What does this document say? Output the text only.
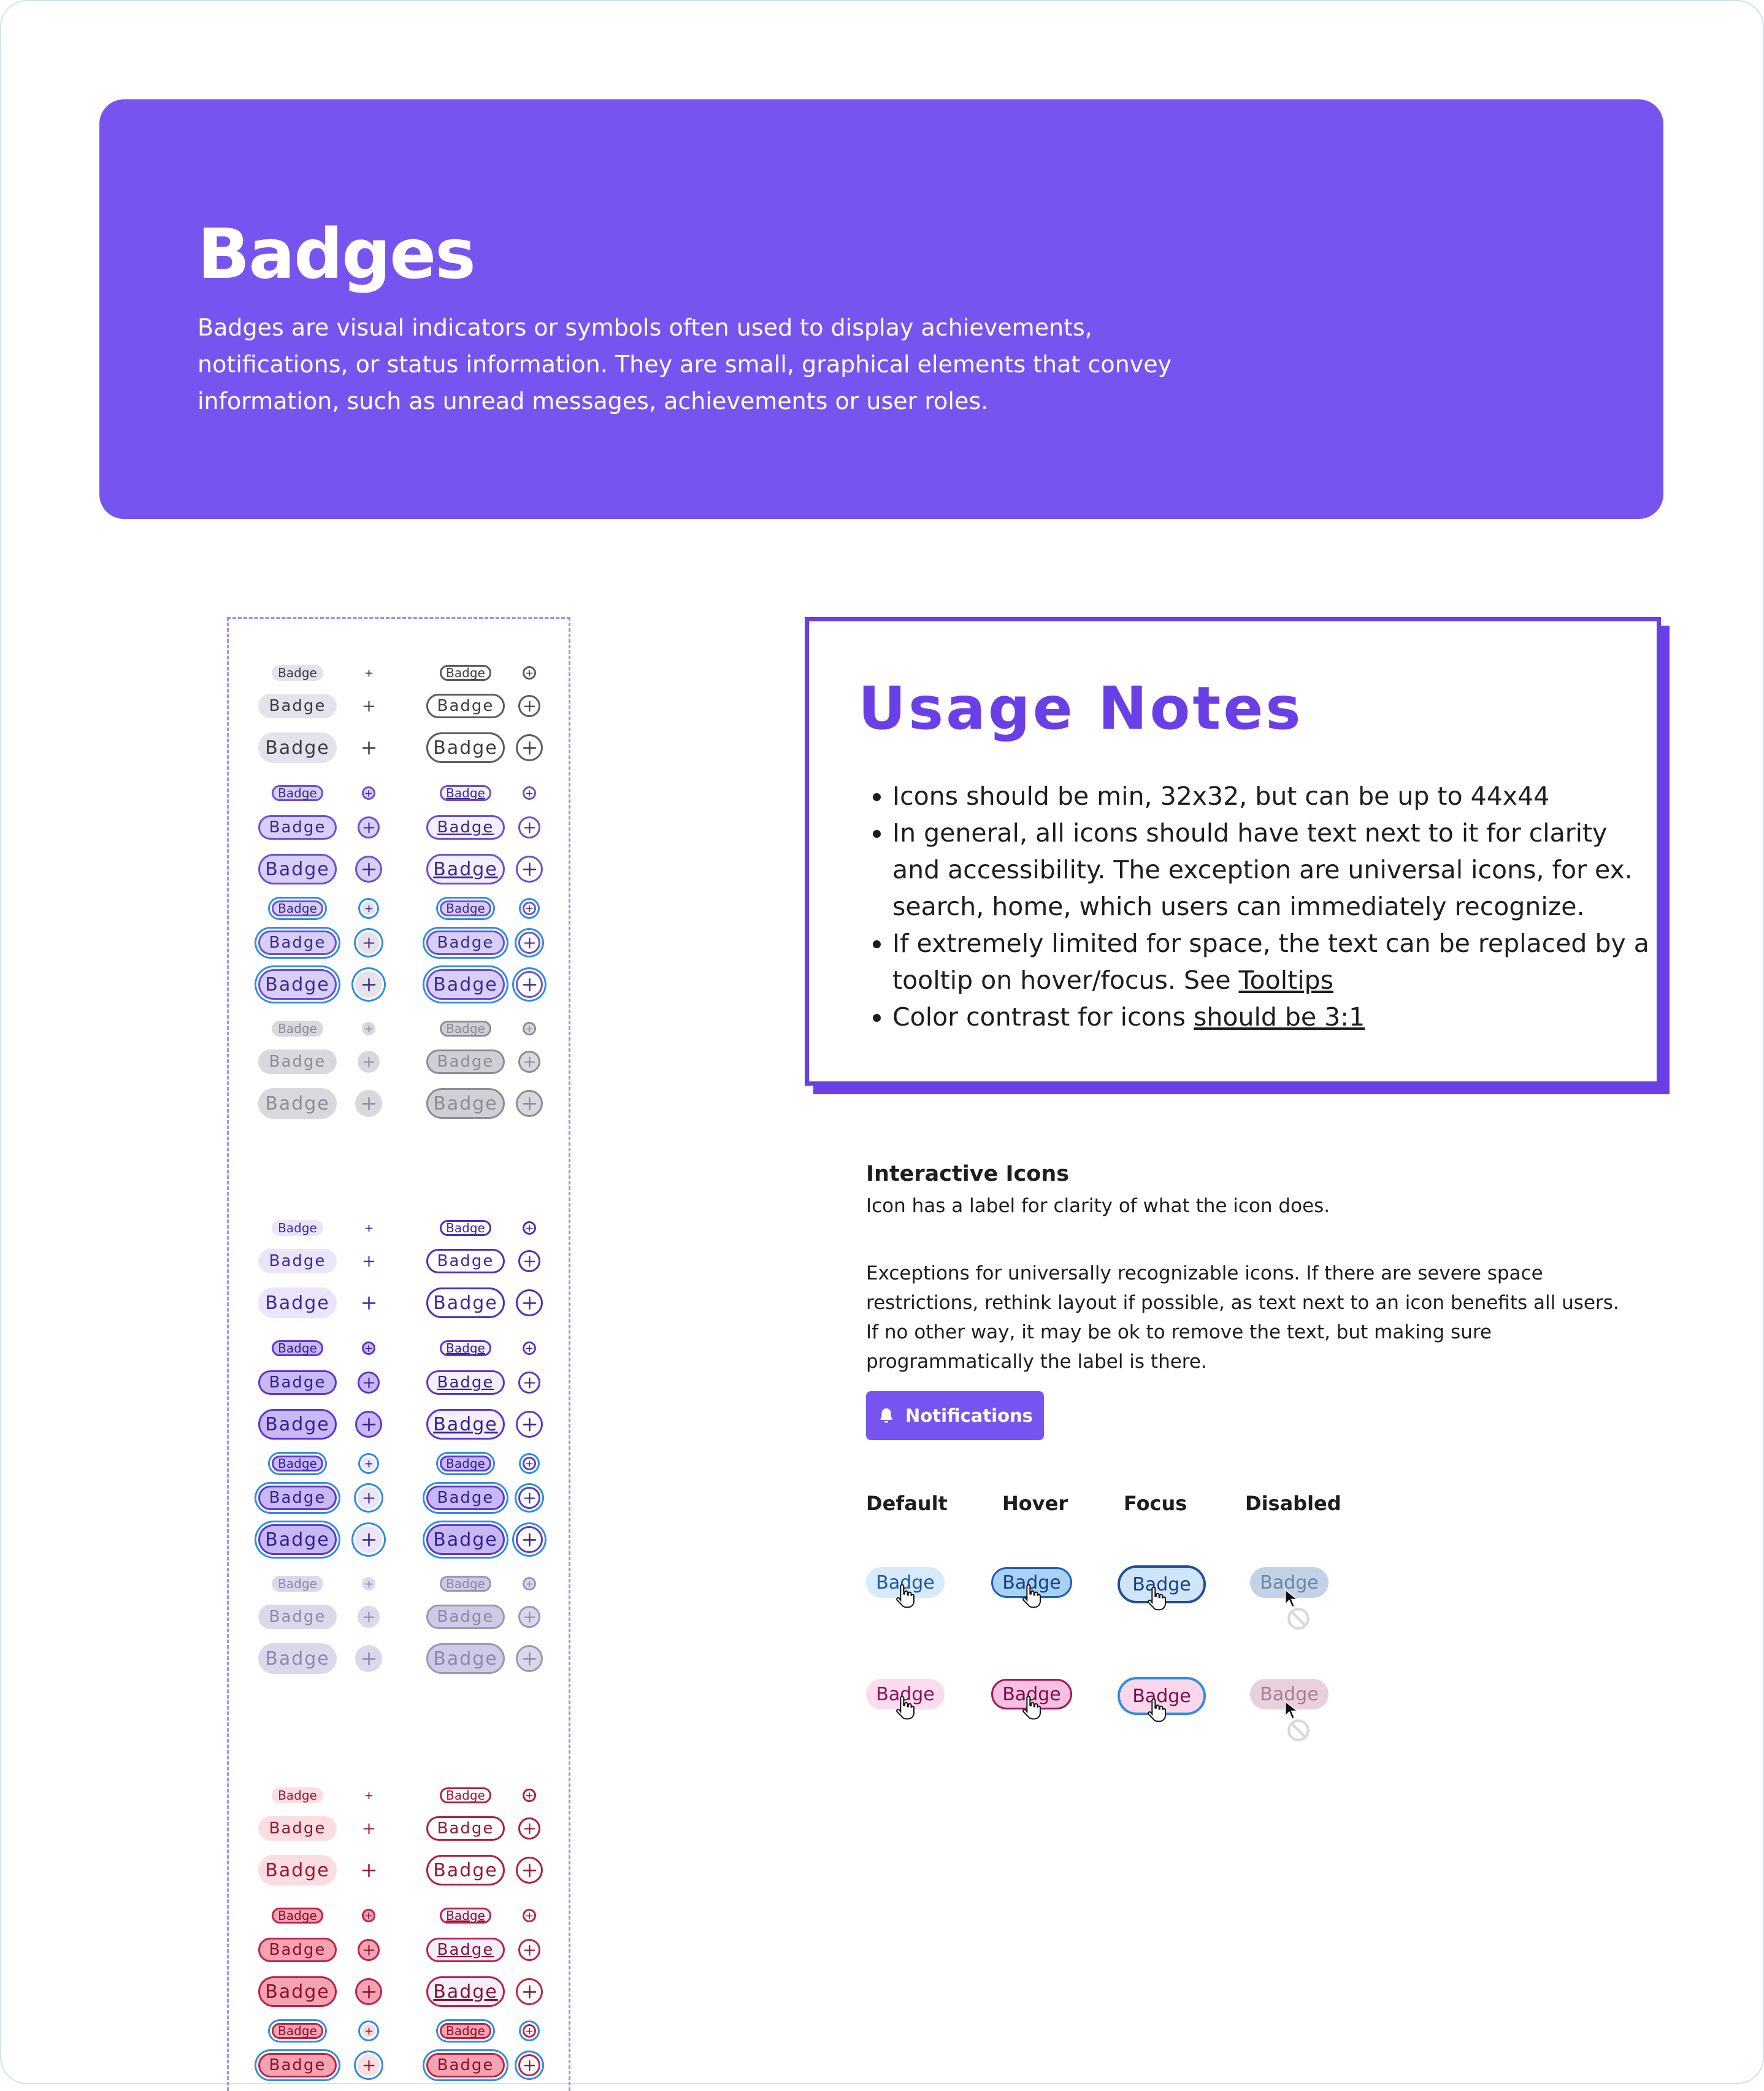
Badges

Badges are visual indicators or symbols often used to display achievements, notifications, or status information. They are small, graphical elements that convey information, such as unread messages, achievements or user roles.

Badge	Badge
Badge	Badge
Badge	Badge
Badge	Badge
Badge	Badge
Badge	Badge
Badge	Badge
Badge	Badge
Badge	Badge
Badge	Badge
Badge	Badge
Badge	Badge
Badge	Badge
Badge	Badge
Badge	Badge
Badge	Badge
Badge	Badge
Badge	Badge
Badge	Badge
Badge	Badge
Badge	Badge
Badge	Badge
Badge	Badge
Badge	Badge
Badge	Badge
Badge	Badge
Badge	Badge
Badge	Badge
Badge	Badge
Badge	Badge
Badge	Badge
Badge	Badge
Usage Notes
• Icons should be min, 32x32, but can be up to 44x44
• In general, all icons should have text next to it for clarity and accessibility. The exception are universal icons, for ex. search, home, which users can immediately recognize.
• If extremely limited for space, the text can be replaced by a tooltip on hover/focus. See Tooltips
• Color contrast for icons should be 3:1
Interactive Icons

Icon has a label for clarity of what the icon does.

Exceptions for universally recognizable icons. If there are severe space restrictions, rethink layout if possible, as text next to an icon benefits all users. If no other way, it may be ok to remove the text, but making sure programmatically the label is there.

Notifications
Default	Hover	Focus	Disabled
Badge	Badge	Badge	Badge
Badge	Badge	Badge	Badge
